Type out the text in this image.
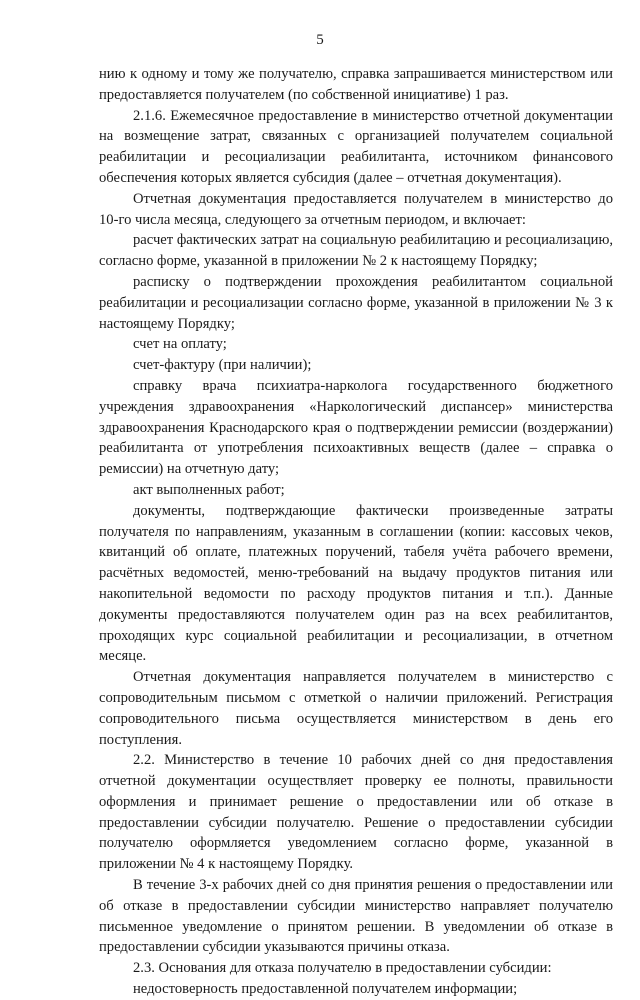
5

нию к одному и тому же получателю, справка запрашивается министерством или предоставляется получателем (по собственной инициативе) 1 раз.

2.1.6. Ежемесячное предоставление в министерство отчетной документации на возмещение затрат, связанных с организацией получателем социальной реабилитации и ресоциализации реабилитанта, источником финансового обеспечения которых является субсидия (далее – отчетная документация).

Отчетная документация предоставляется получателем в министерство до 10-го числа месяца, следующего за отчетным периодом, и включает:

расчет фактических затрат на социальную реабилитацию и ресоциализацию, согласно форме, указанной в приложении № 2 к настоящему Порядку;

расписку о подтверждении прохождения реабилитантом социальной реабилитации и ресоциализации согласно форме, указанной в приложении № 3 к настоящему Порядку;

счет на оплату;

счет-фактуру (при наличии);

справку врача психиатра-нарколога государственного бюджетного учреждения здравоохранения «Наркологический диспансер» министерства здравоохранения Краснодарского края о подтверждении ремиссии (воздержании) реабилитанта от употребления психоактивных веществ (далее – справка о ремиссии) на отчетную дату;

акт выполненных работ;

документы, подтверждающие фактически произведенные затраты получателя по направлениям, указанным в соглашении (копии: кассовых чеков, квитанций об оплате, платежных поручений, табеля учёта рабочего времени, расчётных ведомостей, меню-требований на выдачу продуктов питания или накопительной ведомости по расходу продуктов питания и т.п.). Данные документы предоставляются получателем один раз на всех реабилитантов, проходящих курс социальной реабилитации и ресоциализации, в отчетном месяце.

Отчетная документация направляется получателем в министерство с сопроводительным письмом с отметкой о наличии приложений. Регистрация сопроводительного письма осуществляется министерством в день его поступления.

2.2. Министерство в течение 10 рабочих дней со дня предоставления отчетной документации осуществляет проверку ее полноты, правильности оформления и принимает решение о предоставлении или об отказе в предоставлении субсидии получателю. Решение о предоставлении субсидии получателю оформляется уведомлением согласно форме, указанной в приложении № 4 к настоящему Порядку.

В течение 3-х рабочих дней со дня принятия решения о предоставлении или об отказе в предоставлении субсидии министерство направляет получателю письменное уведомление о принятом решении. В уведомлении об отказе в предоставлении субсидии указываются причины отказа.

2.3. Основания для отказа получателю в предоставлении субсидии:

недостоверность предоставленной получателем информации;
